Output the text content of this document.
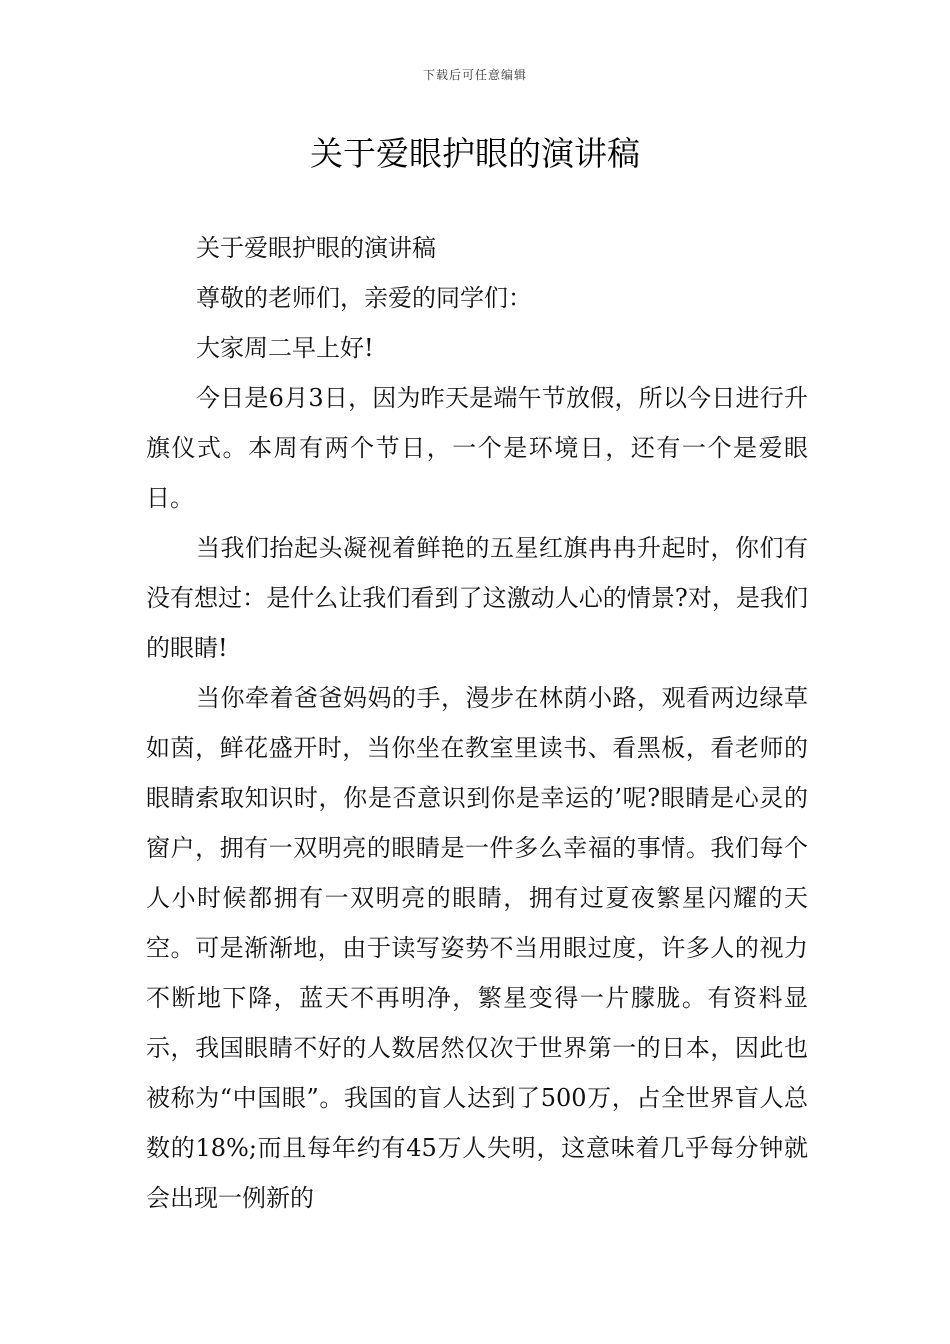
下载后可任意编辑
关于爱眼护眼的演讲稿

关于爱眼护眼的演讲稿

尊敬的老师们，亲爱的同学们：

大家周二早上好!

今日是6月3日，因为昨天是端午节放假，所以今日进行升旗仪式。本周有两个节日，一个是环境日，还有一个是爱眼日。

当我们抬起头凝视着鲜艳的五星红旗冉冉升起时，你们有没有想过：是什么让我们看到了这激动人心的情景?对，是我们的眼睛!

当你牵着爸爸妈妈的手，漫步在林荫小路，观看两边绿草如茵，鲜花盛开时，当你坐在教室里读书、看黑板，看老师的眼睛索取知识时，你是否意识到你是幸运的’呢?眼睛是心灵的窗户，拥有一双明亮的眼睛是一件多么幸福的事情。我们每个人小时候都拥有一双明亮的眼睛，拥有过夏夜繁星闪耀的天空。可是渐渐地，由于读写姿势不当用眼过度，许多人的视力不断地下降，蓝天不再明净，繁星变得一片朦胧。有资料显示，我国眼睛不好的人数居然仅次于世界第一的日本，因此也被称为“中国眼”。我国的盲人达到了500万，占全世界盲人总数的18%;而且每年约有45万人失明，这意味着几乎每分钟就会出现一例新的
